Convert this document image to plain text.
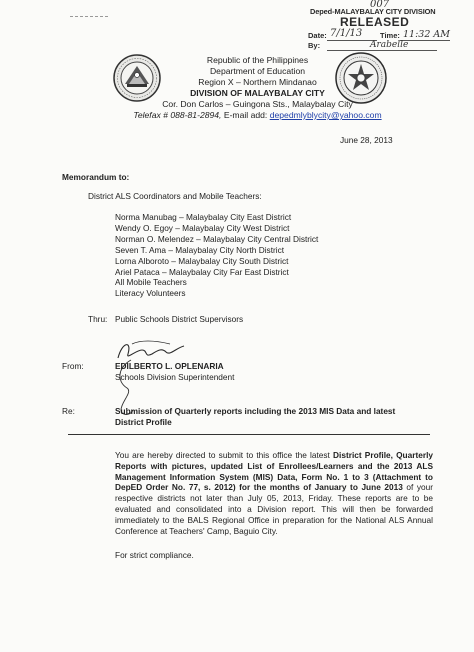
007
Deped-MALAYBALAY CITY DIVISION
RELEASED
Date: 7/1/13 Time: 11:32 AM
By:	Arabelle
Republic of the Philippines
Department of Education
Region X – Northern Mindanao
DIVISION OF MALAYBALAY CITY
Cor. Don Carlos – Guingona Sts., Malaybalay City
Telefax # 088-81-2894, E-mail add: depedmlyblycity@yahoo.com
June 28, 2013
Memorandum to:
District ALS Coordinators and Mobile Teachers:
Norma Manubag – Malaybalay City East District
Wendy O. Egoy – Malaybalay City West District
Norman O. Melendez – Malaybalay City Central District
Seven T. Ama – Malaybalay City North District
Lorna Alboroto – Malaybalay City South District
Ariel Pataca – Malaybalay City Far East District
All Mobile Teachers
Literacy Volunteers
Thru: Public Schools District Supervisors
From:	EDILBERTO L. OPLENARIA
Schools Division Superintendent
Re:	Submission of Quarterly reports including the 2013 MIS Data and latest
District Profile
You are hereby directed to submit to this office the latest District Profile, Quarterly Reports with pictures, updated List of Enrollees/Learners and the 2013 ALS Management Information System (MIS) Data, Form No. 1 to 3 (Attachment to DepED Order No. 77, s. 2012) for the months of January to June 2013 of your respective districts not later than July 05, 2013, Friday. These reports are to be evaluated and consolidated into a Division report. This will then be forwarded immediately to the BALS Regional Office in preparation for the National ALS Annual Conference at Teachers' Camp, Baguio City.
For strict compliance.
